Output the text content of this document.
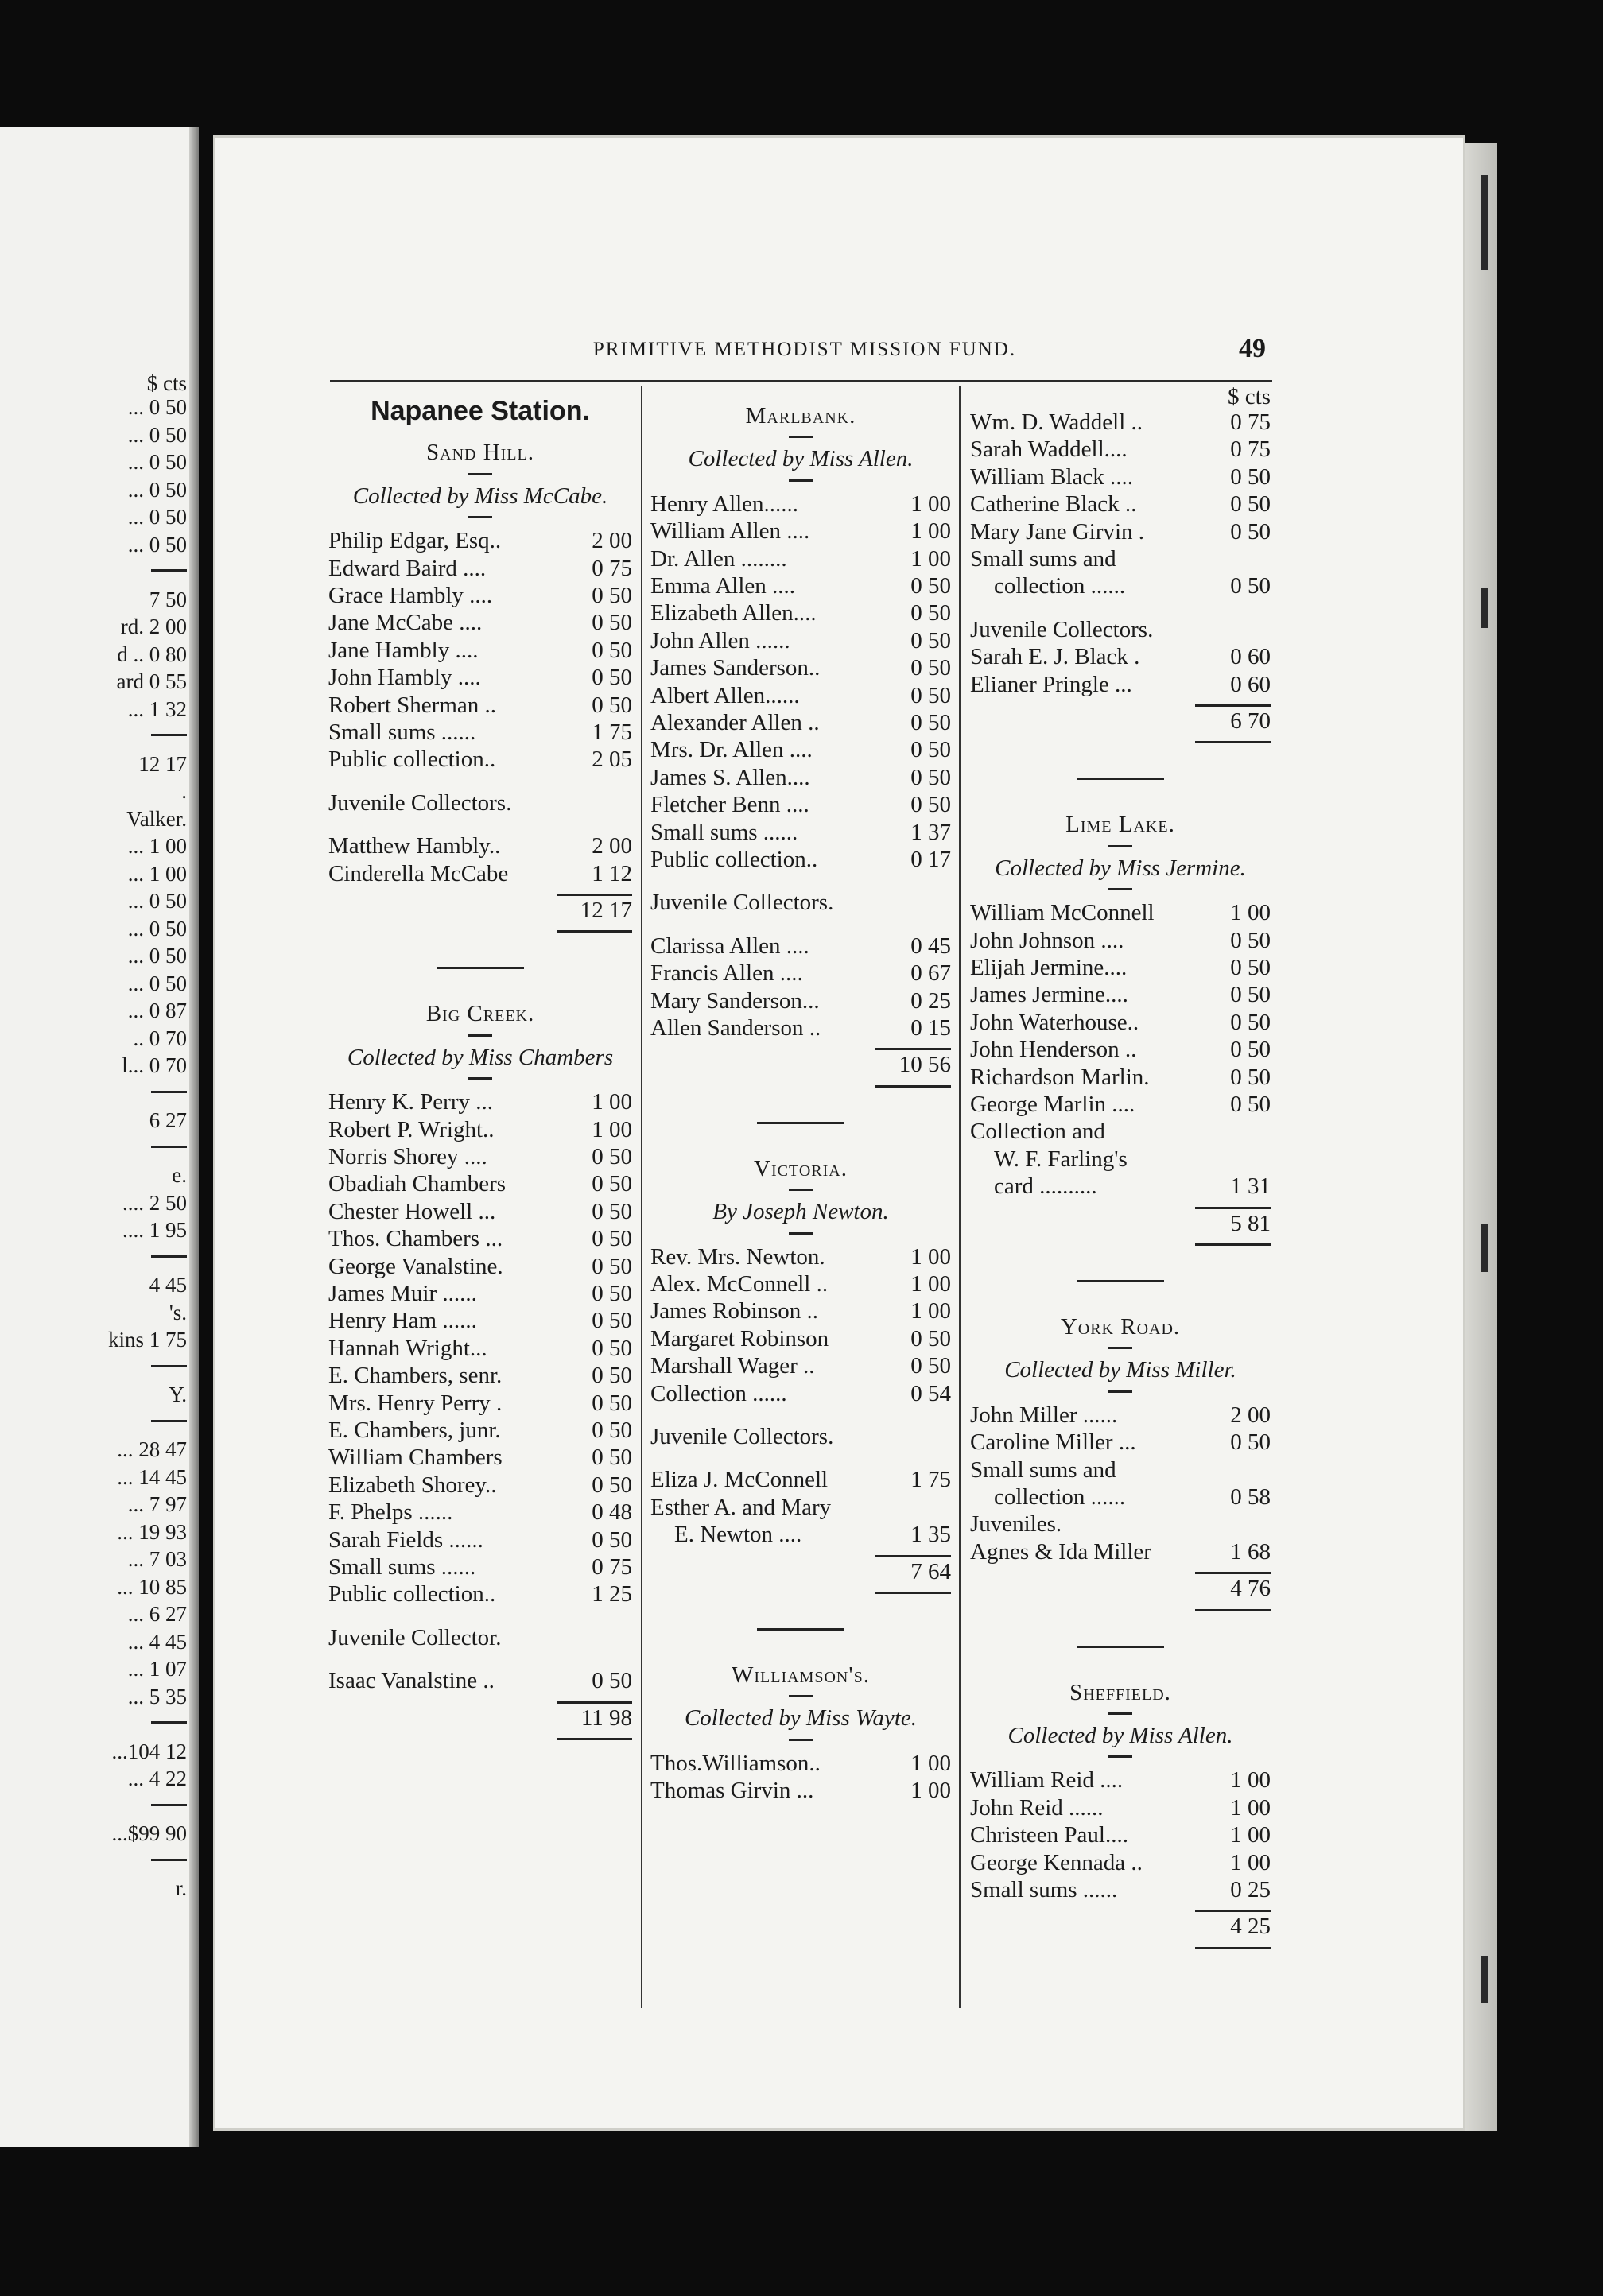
$ cts
... 0 50
... 0 50
... 0 50
... 0 50
... 0 50
... 0 50
7 50
rd. 2 00
d .. 0 80
ard 0 55
... 1 32
12 17
.
Valker.
... 1 00
... 1 00
... 0 50
... 0 50
... 0 50
... 0 50
... 0 87
.. 0 70
l... 0 70
6 27
e.
.... 2 50
.... 1 95
4 45
's.
kins 1 75
Y.
... 28 47
... 14 45
... 7 97
... 19 93
... 7 03
... 10 85
... 6 27
... 4 45
... 1 07
... 5 35
...104 12
... 4 22
...$99 90
r.
PRIMITIVE METHODIST MISSION FUND.	49
Napanee Station.
Sand Hill.
Collected by Miss McCabe.
Philip Edgar, Esq..	2 00
Edward Baird ....	0 75
Grace Hambly ....	0 50
Jane McCabe ....	0 50
Jane Hambly ....	0 50
John Hambly ....	0 50
Robert Sherman ..	0 50
Small sums ......	1 75
Public collection..	2 05
Juvenile Collectors.
Matthew Hambly..	2 00
Cinderella McCabe	1 12
12 17
Big Creek.
Collected by Miss Chambers
Henry K. Perry ...	1 00
Robert P. Wright..	1 00
Norris Shorey ....	0 50
Obadiah Chambers	0 50
Chester Howell ...	0 50
Thos. Chambers ...	0 50
George Vanalstine.	0 50
James Muir ......	0 50
Henry Ham ......	0 50
Hannah Wright...	0 50
E. Chambers, senr.	0 50
Mrs. Henry Perry .	0 50
E. Chambers, junr.	0 50
William Chambers	0 50
Elizabeth Shorey..	0 50
F. Phelps ......	0 48
Sarah Fields ......	0 50
Small sums ......	0 75
Public collection..	1 25
Juvenile Collector.
Isaac Vanalstine ..	0 50
11 98
Marlbank.
Collected by Miss Allen.
Henry Allen......	1 00
William Allen ....	1 00
Dr. Allen ........	1 00
Emma Allen ....	0 50
Elizabeth Allen....	0 50
John Allen ......	0 50
James Sanderson..	0 50
Albert Allen......	0 50
Alexander Allen ..	0 50
Mrs. Dr. Allen ....	0 50
James S. Allen....	0 50
Fletcher Benn ....	0 50
Small sums ......	1 37
Public collection..	0 17
Juvenile Collectors.
Clarissa Allen ....	0 45
Francis Allen ....	0 67
Mary Sanderson...	0 25
Allen Sanderson ..	0 15
10 56
Victoria.
By Joseph Newton.
Rev. Mrs. Newton.	1 00
Alex. McConnell ..	1 00
James Robinson ..	1 00
Margaret Robinson	0 50
Marshall Wager ..	0 50
Collection ......	0 54
Juvenile Collectors.
Eliza J. McConnell	1 75
Esther A. and Mary
E. Newton ....	1 35
7 64
Williamson's.
Collected by Miss Wayte.
Thos.Williamson..	1 00
Thomas Girvin ...	1 00
$ cts
Wm. D. Waddell ..	0 75
Sarah Waddell....	0 75
William Black ....	0 50
Catherine Black ..	0 50
Mary Jane Girvin .	0 50
Small sums and
collection ......	0 50
Juvenile Collectors.
Sarah E. J. Black .	0 60
Elianer Pringle ...	0 60
6 70
Lime Lake.
Collected by Miss Jermine.
William McConnell	1 00
John Johnson ....	0 50
Elijah Jermine....	0 50
James Jermine....	0 50
John Waterhouse..	0 50
John Henderson ..	0 50
Richardson Marlin.	0 50
George Marlin ....	0 50
Collection and
W. F. Farling's
card ..........	1 31
5 81
York Road.
Collected by Miss Miller.
John Miller ......	2 00
Caroline Miller ...	0 50
Small sums and
collection ......	0 58
Juveniles.
Agnes & Ida Miller	1 68
4 76
Sheffield.
Collected by Miss Allen.
William Reid ....	1 00
John Reid ......	1 00
Christeen Paul....	1 00
George Kennada ..	1 00
Small sums ......	0 25
4 25
